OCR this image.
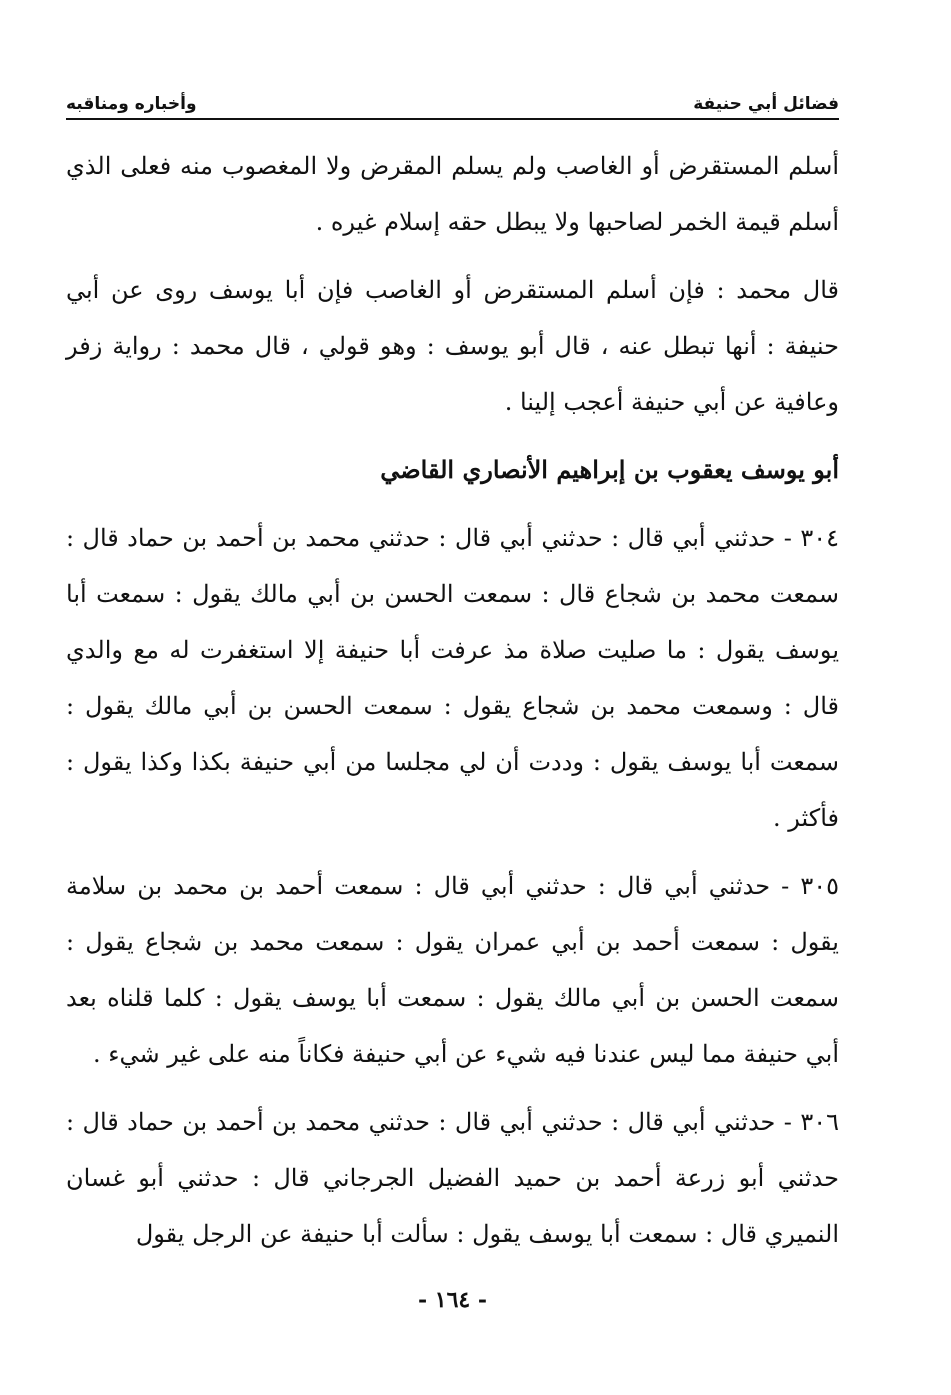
فضائل أبي حنيفة
وأخباره ومناقبه

أسلم المستقرض أو الغاصب ولم يسلم المقرض ولا المغصوب منه فعلى الذي أسلم قيمة الخمر لصاحبها ولا يبطل حقه إسلام غيره .

قال محمد : فإن أسلم المستقرض أو الغاصب فإن أبا يوسف روى عن أبي حنيفة : أنها تبطل عنه ، قال أبو يوسف : وهو قولي ، قال محمد : رواية زفر وعافية عن أبي حنيفة أعجب إلينا .

أبو يوسف يعقوب بن إبراهيم الأنصاري القاضي

٣٠٤ - حدثني أبي قال : حدثني أبي قال : حدثني محمد بن أحمد بن حماد قال : سمعت محمد بن شجاع قال : سمعت الحسن بن أبي مالك يقول : سمعت أبا يوسف يقول : ما صليت صلاة مذ عرفت أبا حنيفة إلا استغفرت له مع والدي قال : وسمعت محمد بن شجاع يقول : سمعت الحسن بن أبي مالك يقول : سمعت أبا يوسف يقول : وددت أن لي مجلسا من أبي حنيفة بكذا وكذا يقول : فأكثر .

٣٠٥ - حدثني أبي قال : حدثني أبي قال : سمعت أحمد بن محمد بن سلامة يقول : سمعت أحمد بن أبي عمران يقول : سمعت محمد بن شجاع يقول : سمعت الحسن بن أبي مالك يقول : سمعت أبا يوسف يقول : كلما قلناه بعد أبي حنيفة مما ليس عندنا فيه شيء عن أبي حنيفة فكاناً منه على غير شيء .

٣٠٦ - حدثني أبي قال : حدثني أبي قال : حدثني محمد بن أحمد بن حماد قال : حدثني أبو زرعة أحمد بن حميد الفضيل الجرجاني قال : حدثني أبو غسان النميري قال : سمعت أبا يوسف يقول : سألت أبا حنيفة عن الرجل يقول

- ١٦٤ -
